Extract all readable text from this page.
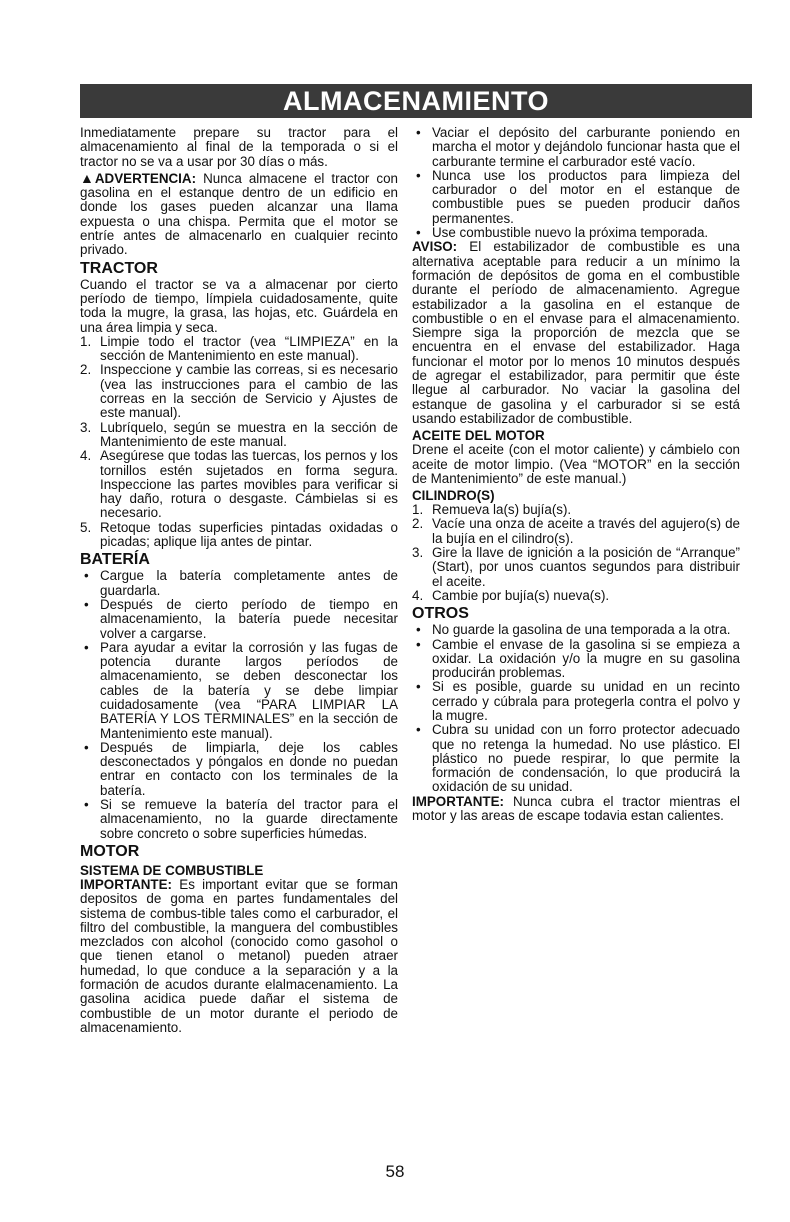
ALMACENAMIENTO

Inmediatamente prepare su tractor para el almacenamiento al final de la temporada o si el tractor no se va a usar por 30 días o más.

▲ADVERTENCIA: Nunca almacene el tractor con gasolina en el estanque dentro de un edificio en donde los gases pueden alcanzar una llama expuesta o una chispa. Permita que el motor se entríe antes de almacenarlo en cualquier recinto privado.

TRACTOR

Cuando el tractor se va a almacenar por cierto período de tiempo, límpiela cuidadosamente, quite toda la mugre, la grasa, las hojas, etc. Guárdela en una área limpia y seca.

1. Limpie todo el tractor (vea “LIMPIEZA” en la sección de Mantenimiento en este manual).
2. Inspeccione y cambie las correas, si es necesario (vea las instrucciones para el cambio de las correas en la sección de Servicio y Ajustes de este manual).
3. Lubríquelo, según se muestra en la sección de Mantenimiento de este manual.
4. Asegúrese que todas las tuercas, los pernos y los tornillos estén sujetados en forma segura. Inspeccione las partes movibles para verificar si hay daño, rotura o desgaste. Cámbielas si es necesario.
5. Retoque todas superficies pintadas oxidadas o picadas; aplique lija antes de pintar.
BATERÍA
• Cargue la batería completamente antes de guardarla.
• Después de cierto período de tiempo en almacenamiento, la batería puede necesitar volver a cargarse.
• Para ayudar a evitar la corrosión y las fugas de potencia durante largos períodos de almacenamiento, se deben desconectar los cables de la batería y se debe limpiar cuidadosamente (vea “PARA LIMPIAR LA BATERÍA Y LOS TERMINALES” en la sección de Mantenimiento este manual).
• Después de limpiarla, deje los cables desconectados y póngalos en donde no puedan entrar en contacto con los terminales de la batería.
• Si se remueve la batería del tractor para el almacenamiento, no la guarde directamente sobre concreto o sobre superficies húmedas.
MOTOR
SISTEMA DE COMBUSTIBLE

IMPORTANTE: Es important evitar que se forman depositos de goma en partes fundamentales del sistema de combus-tible tales como el carburador, el filtro del combustible, la manguera del combustibles mezclados con alcohol (conocido como gasohol o que tienen etanol o metanol) pueden atraer humedad, lo que conduce a la separación y a la formación de acudos durante elalmacenamiento. La gasolina acidica puede dañar el sistema de combustible de un motor durante el periodo de almacenamiento.

• Vaciar el depósito del carburante poniendo en marcha el motor y dejándolo funcionar hasta que el carburante termine el carburador esté vacío.
• Nunca use los productos para limpieza del carburador o del motor en el estanque de combustible pues se pueden producir daños permanentes.
• Use combustible nuevo la próxima temporada.

AVISO: El estabilizador de combustible es una alternativa aceptable para reducir a un mínimo la formación de depósitos de goma en el combustible durante el período de almacenamiento. Agregue estabilizador a la gasolina en el estanque de combustible o en el envase para el almacenamiento. Siempre siga la proporción de mezcla que se encuentra en el envase del estabilizador. Haga funcionar el motor por lo menos 10 minutos después de agregar el estabilizador, para permitir que éste llegue al carburador. No vaciar la gasolina del estanque de gasolina y el carburador si se está usando estabilizador de combustible.

ACEITE DEL MOTOR

Drene el aceite (con el motor caliente) y cámbielo con aceite de motor limpio. (Vea “MOTOR” en la sección de Mantenimiento” de este manual.)

CILINDRO(S)
1. Remueva la(s) bujía(s).
2. Vacíe una onza de aceite a través del agujero(s) de la bujía en el cilindro(s).
3. Gire la llave de ignición a la posición de “Arranque” (Start), por unos cuantos segundos para distribuir el aceite.
4. Cambie por bujía(s) nueva(s).
OTROS
• No guarde la gasolina de una temporada a la otra.
• Cambie el envase de la gasolina si se empieza a oxidar. La oxidación y/o la mugre en su gasolina producirán problemas.
• Si es posible, guarde su unidad en un recinto cerrado y cúbrala para protegerla contra el polvo y la mugre.
• Cubra su unidad con un forro protector adecuado que no retenga la humedad. No use plástico. El plástico no puede respirar, lo que permite la formación de condensación, lo que producirá la oxidación de su unidad.

IMPORTANTE: Nunca cubra el tractor mientras el motor y las areas de escape todavia estan calientes.

58
